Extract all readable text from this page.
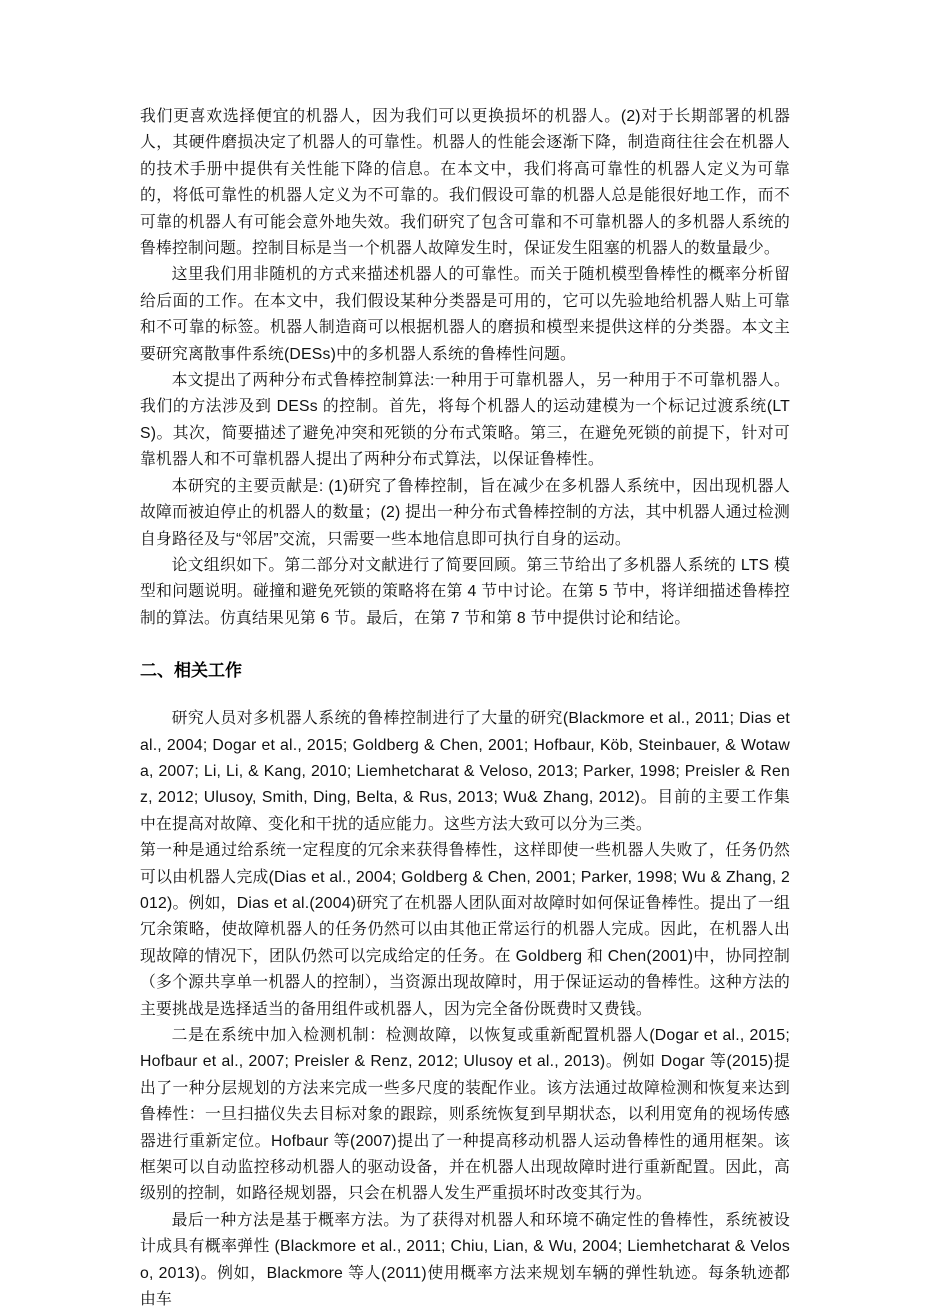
我们更喜欢选择便宜的机器人，因为我们可以更换损坏的机器人。(2)对于长期部署的机器人，其硬件磨损决定了机器人的可靠性。机器人的性能会逐渐下降，制造商往往会在机器人的技术手册中提供有关性能下降的信息。在本文中，我们将高可靠性的机器人定义为可靠的，将低可靠性的机器人定义为不可靠的。我们假设可靠的机器人总是能很好地工作，而不可靠的机器人有可能会意外地失效。我们研究了包含可靠和不可靠机器人的多机器人系统的鲁棒控制问题。控制目标是当一个机器人故障发生时，保证发生阻塞的机器人的数量最少。

这里我们用非随机的方式来描述机器人的可靠性。而关于随机模型鲁棒性的概率分析留给后面的工作。在本文中，我们假设某种分类器是可用的，它可以先验地给机器人贴上可靠和不可靠的标签。机器人制造商可以根据机器人的磨损和模型来提供这样的分类器。本文主要研究离散事件系统(DESs)中的多机器人系统的鲁棒性问题。

本文提出了两种分布式鲁棒控制算法:一种用于可靠机器人，另一种用于不可靠机器人。我们的方法涉及到 DESs 的控制。首先，将每个机器人的运动建模为一个标记过渡系统(LTS)。其次，简要描述了避免冲突和死锁的分布式策略。第三，在避免死锁的前提下，针对可靠机器人和不可靠机器人提出了两种分布式算法，以保证鲁棒性。

本研究的主要贡献是: (1)研究了鲁棒控制，旨在减少在多机器人系统中，因出现机器人故障而被迫停止的机器人的数量；(2) 提出一种分布式鲁棒控制的方法，其中机器人通过检测自身路径及与“邻居”交流，只需要一些本地信息即可执行自身的运动。

论文组织如下。第二部分对文献进行了简要回顾。第三节给出了多机器人系统的 LTS 模型和问题说明。碰撞和避免死锁的策略将在第 4 节中讨论。在第 5 节中，将详细描述鲁棒控制的算法。仿真结果见第 6 节。最后，在第 7 节和第 8 节中提供讨论和结论。

二、相关工作

研究人员对多机器人系统的鲁棒控制进行了大量的研究(Blackmore et al., 2011; Dias et al., 2004; Dogar et al., 2015; Goldberg & Chen, 2001; Hofbaur, Köb, Steinbauer, & Wotawa, 2007; Li, Li, & Kang, 2010; Liemhetcharat & Veloso, 2013; Parker, 1998; Preisler & Renz, 2012; Ulusoy, Smith, Ding, Belta, & Rus, 2013; Wu& Zhang, 2012)。目前的主要工作集中在提高对故障、变化和干扰的适应能力。这些方法大致可以分为三类。

第一种是通过给系统一定程度的冗余来获得鲁棒性，这样即使一些机器人失败了，任务仍然可以由机器人完成(Dias et al., 2004; Goldberg & Chen, 2001; Parker, 1998; Wu & Zhang, 2012)。例如，Dias et al.(2004)研究了在机器人团队面对故障时如何保证鲁棒性。提出了一组冗余策略，使故障机器人的任务仍然可以由其他正常运行的机器人完成。因此，在机器人出现故障的情况下，团队仍然可以完成给定的任务。在 Goldberg 和 Chen(2001)中，协同控制（多个源共享单一机器人的控制），当资源出现故障时，用于保证运动的鲁棒性。这种方法的主要挑战是选择适当的备用组件或机器人，因为完全备份既费时又费钱。

二是在系统中加入检测机制：检测故障，以恢复或重新配置机器人(Dogar et al., 2015; Hofbaur et al., 2007; Preisler & Renz, 2012; Ulusoy et al., 2013)。例如 Dogar 等(2015)提出了一种分层规划的方法来完成一些多尺度的装配作业。该方法通过故障检测和恢复来达到鲁棒性：一旦扫描仪失去目标对象的跟踪，则系统恢复到早期状态，以利用宽角的视场传感器进行重新定位。Hofbaur 等(2007)提出了一种提高移动机器人运动鲁棒性的通用框架。该框架可以自动监控移动机器人的驱动设备，并在机器人出现故障时进行重新配置。因此，高级别的控制，如路径规划器，只会在机器人发生严重损坏时改变其行为。

最后一种方法是基于概率方法。为了获得对机器人和环境不确定性的鲁棒性，系统被设计成具有概率弹性 (Blackmore et al., 2011; Chiu, Lian, & Wu, 2004; Liemhetcharat & Veloso, 2013)。例如，Blackmore 等人(2011)使用概率方法来规划车辆的弹性轨迹。每条轨迹都由车
